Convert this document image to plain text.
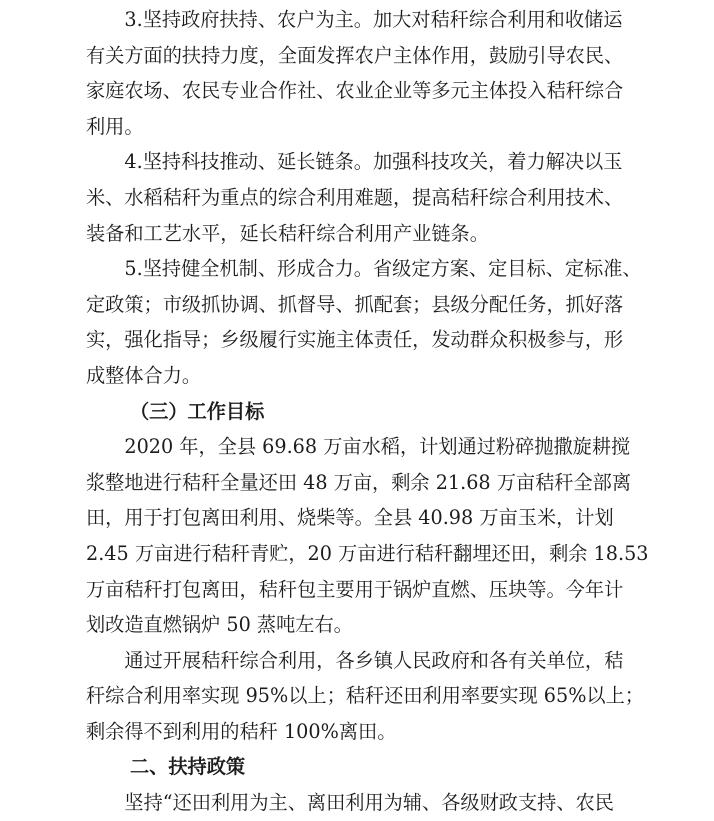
3.坚持政府扶持、农户为主。加大对秸秆综合利用和收储运
有关方面的扶持力度，全面发挥农户主体作用，鼓励引导农民、
家庭农场、农民专业合作社、农业企业等多元主体投入秸秆综合
利用。
4.坚持科技推动、延长链条。加强科技攻关，着力解决以玉
米、水稻秸秆为重点的综合利用难题，提高秸秆综合利用技术、
装备和工艺水平，延长秸秆综合利用产业链条。
5.坚持健全机制、形成合力。省级定方案、定目标、定标准、
定政策；市级抓协调、抓督导、抓配套；县级分配任务，抓好落
实，强化指导；乡级履行实施主体责任，发动群众积极参与，形
成整体合力。
（三）工作目标
2020 年，全县 69.68 万亩水稻，计划通过粉碎抛撒旋耕搅
浆整地进行秸秆全量还田 48 万亩，剩余 21.68 万亩秸秆全部离
田，用于打包离田利用、烧柴等。全县 40.98 万亩玉米，计划
2.45 万亩进行秸秆青贮，20 万亩进行秸秆翻埋还田，剩余 18.53
万亩秸秆打包离田，秸秆包主要用于锅炉直燃、压块等。今年计
划改造直燃锅炉 50 蒸吨左右。
通过开展秸秆综合利用，各乡镇人民政府和各有关单位，秸
秆综合利用率实现 95%以上；秸秆还田利用率要实现 65%以上；
剩余得不到利用的秸秆 100%离田。
二、扶持政策
坚持“还田利用为主、离田利用为辅、各级财政支持、农民
